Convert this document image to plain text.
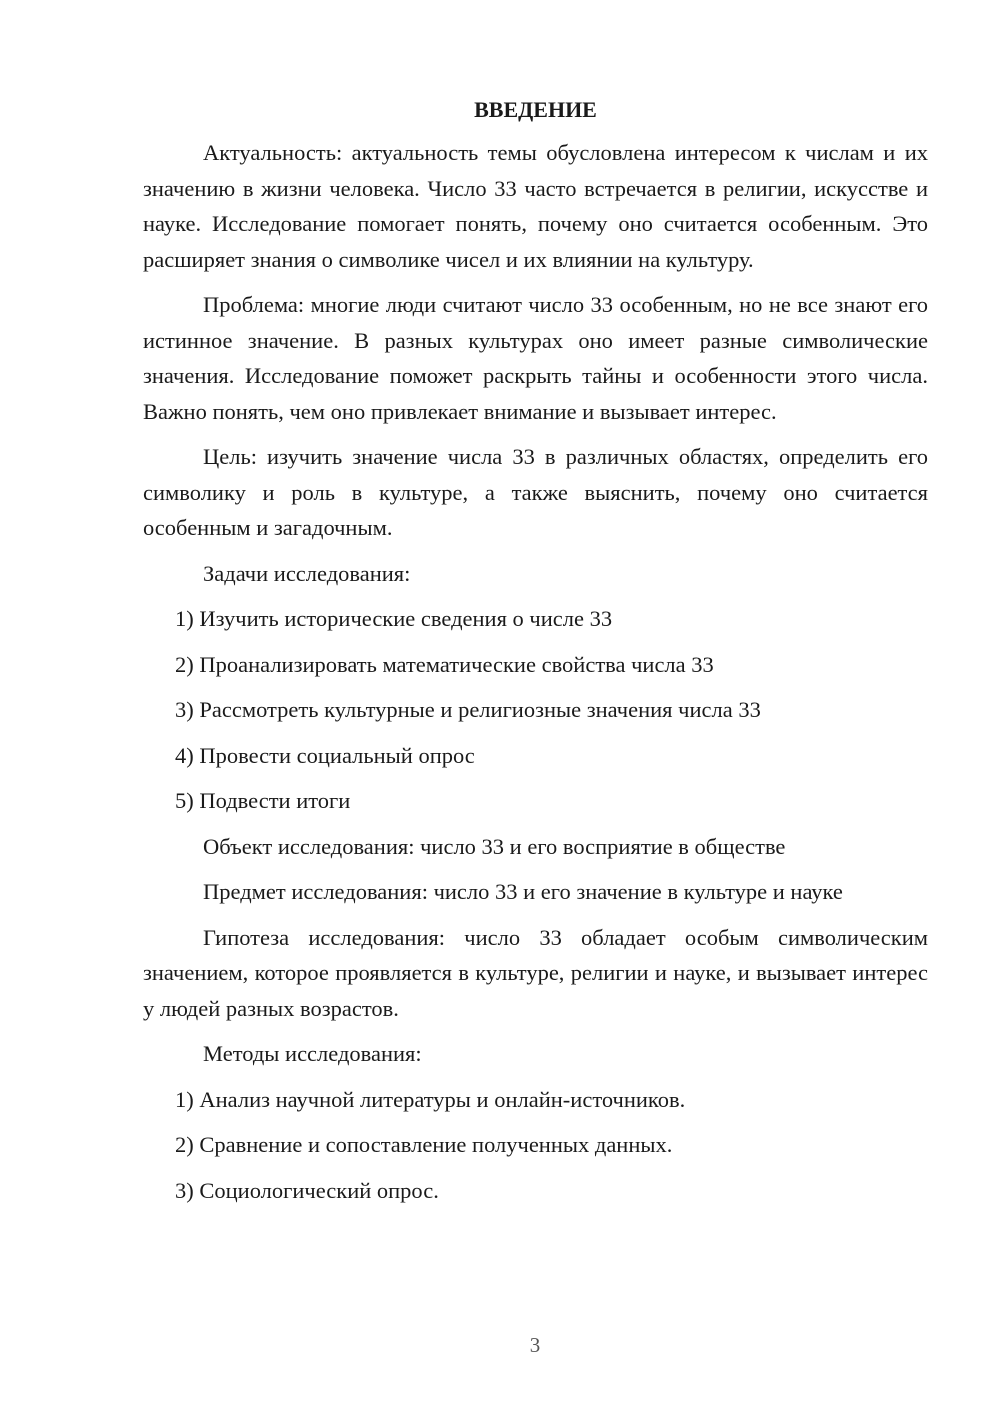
ВВЕДЕНИЕ

Актуальность: актуальность темы обусловлена интересом к числам и их значению в жизни человека. Число 33 часто встречается в религии, искусстве и науке. Исследование помогает понять, почему оно считается особенным. Это расширяет знания о символике чисел и их влиянии на культуру.

Проблема: многие люди считают число 33 особенным, но не все знают его истинное значение. В разных культурах оно имеет разные символические значения. Исследование поможет раскрыть тайны и особенности этого числа. Важно понять, чем оно привлекает внимание и вызывает интерес.

Цель: изучить значение числа 33 в различных областях, определить его символику и роль в культуре, а также выяснить, почему оно считается особенным и загадочным.

Задачи исследования:
1) Изучить исторические сведения о числе 33
2) Проанализировать математические свойства числа 33
3) Рассмотреть культурные и религиозные значения числа 33
4) Провести социальный опрос
5) Подвести итоги
Объект исследования: число 33 и его восприятие в обществе
Предмет исследования: число 33 и его значение в культуре и науке

Гипотеза исследования: число 33 обладает особым символическим значением, которое проявляется в культуре, религии и науке, и вызывает интерес у людей разных возрастов.

Методы исследования:
1) Анализ научной литературы и онлайн-источников.
2) Сравнение и сопоставление полученных данных.
3) Социологический опрос.
3
